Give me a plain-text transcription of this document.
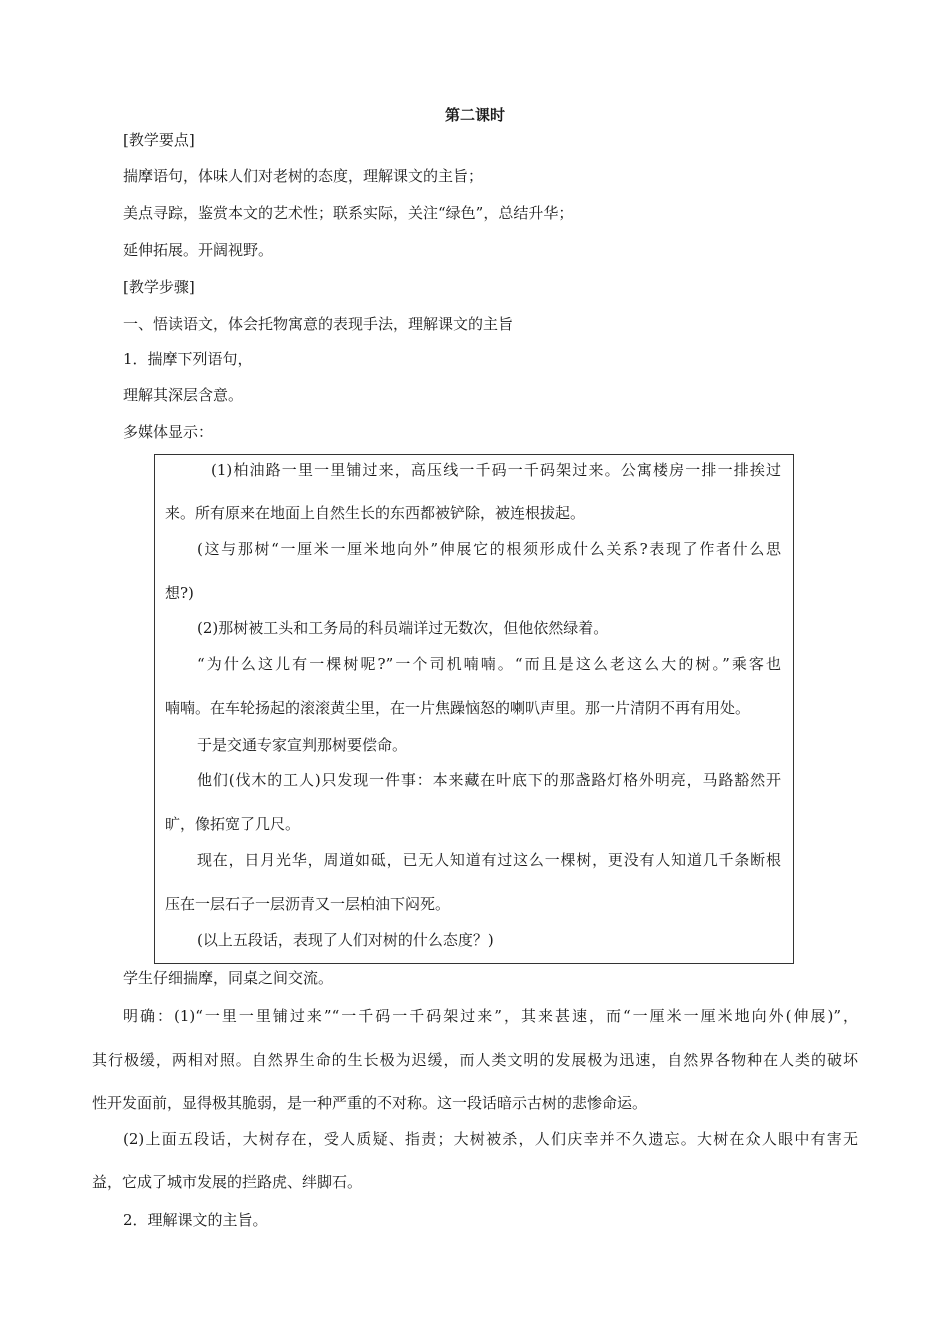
第二课时
[教学要点]
揣摩语句，体味人们对老树的态度，理解课文的主旨；
美点寻踪，鉴赏本文的艺术性；联系实际，关注“绿色”，总结升华；
延伸拓展。开阔视野。
[教学步骤]
一、悟读语文，体会托物寓意的表现手法，理解课文的主旨
1．揣摩下列语句，
理解其深层含意。
多媒体显示：
(1)柏油路一里一里铺过来，高压线一千码一千码架过来。公寓楼房一排一排挨过
来。所有原来在地面上自然生长的东西都被铲除，被连根拔起。
(这与那树“一厘米一厘米地向外”伸展它的根须形成什么关系?表现了作者什么思
想?)
(2)那树被工头和工务局的科员端详过无数次，但他依然绿着。
“为什么这儿有一棵树呢?”一个司机喃喃。“而且是这么老这么大的树。”乘客也
喃喃。在车轮扬起的滚滚黄尘里，在一片焦躁恼怒的喇叭声里。那一片清阴不再有用处。
于是交通专家宣判那树要偿命。
他们(伐木的工人)只发现一件事：本来藏在叶底下的那盏路灯格外明亮，马路豁然开
旷，像拓宽了几尺。
现在，日月光华，周道如砥，已无人知道有过这么一棵树，更没有人知道几千条断根
压在一层石子一层沥青又一层柏油下闷死。
(以上五段话，表现了人们对树的什么态度？)
学生仔细揣摩，同桌之间交流。
明确：(1)“一里一里铺过来”“一千码一千码架过来”，其来甚速，而“一厘米一厘米地向外(伸展)”，
其行极缓，两相对照。自然界生命的生长极为迟缓，而人类文明的发展极为迅速，自然界各物种在人类的破坏
性开发面前，显得极其脆弱，是一种严重的不对称。这一段话暗示古树的悲惨命运。
(2)上面五段话，大树存在，受人质疑、指责；大树被杀，人们庆幸并不久遗忘。大树在众人眼中有害无
益，它成了城市发展的拦路虎、绊脚石。
2．理解课文的主旨。
